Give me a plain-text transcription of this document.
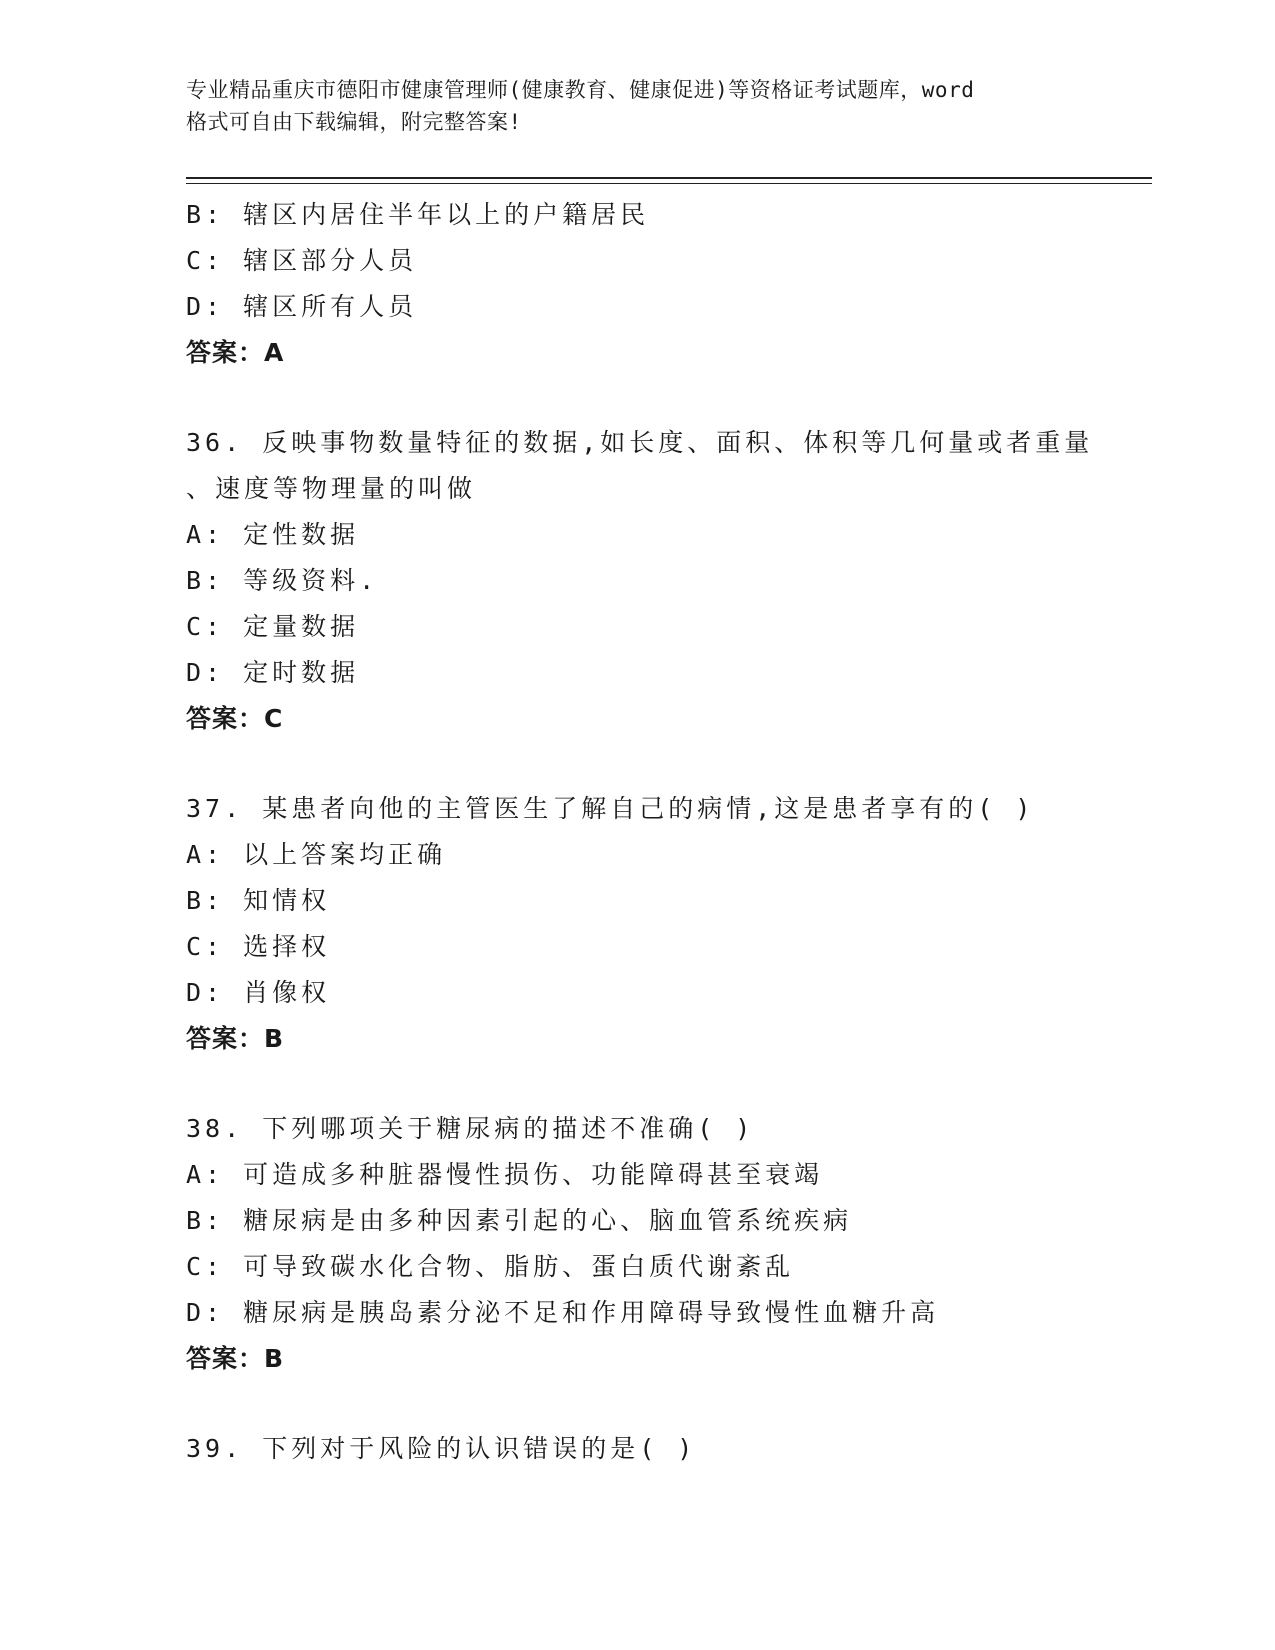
专业精品重庆市德阳市健康管理师(健康教育、健康促进)等资格证考试题库，word
格式可自由下载编辑，附完整答案!
B: 辖区内居住半年以上的户籍居民
C: 辖区部分人员
D: 辖区所有人员
答案：A
36. 反映事物数量特征的数据,如长度、面积、体积等几何量或者重量
、速度等物理量的叫做
A: 定性数据
B: 等级资料.
C: 定量数据
D: 定时数据
答案：C
37. 某患者向他的主管医生了解自己的病情,这是患者享有的( )
A: 以上答案均正确
B: 知情权
C: 选择权
D: 肖像权
答案：B
38. 下列哪项关于糖尿病的描述不准确( )
A: 可造成多种脏器慢性损伤、功能障碍甚至衰竭
B: 糖尿病是由多种因素引起的心、脑血管系统疾病
C: 可导致碳水化合物、脂肪、蛋白质代谢紊乱
D: 糖尿病是胰岛素分泌不足和作用障碍导致慢性血糖升高
答案：B
39. 下列对于风险的认识错误的是( )
